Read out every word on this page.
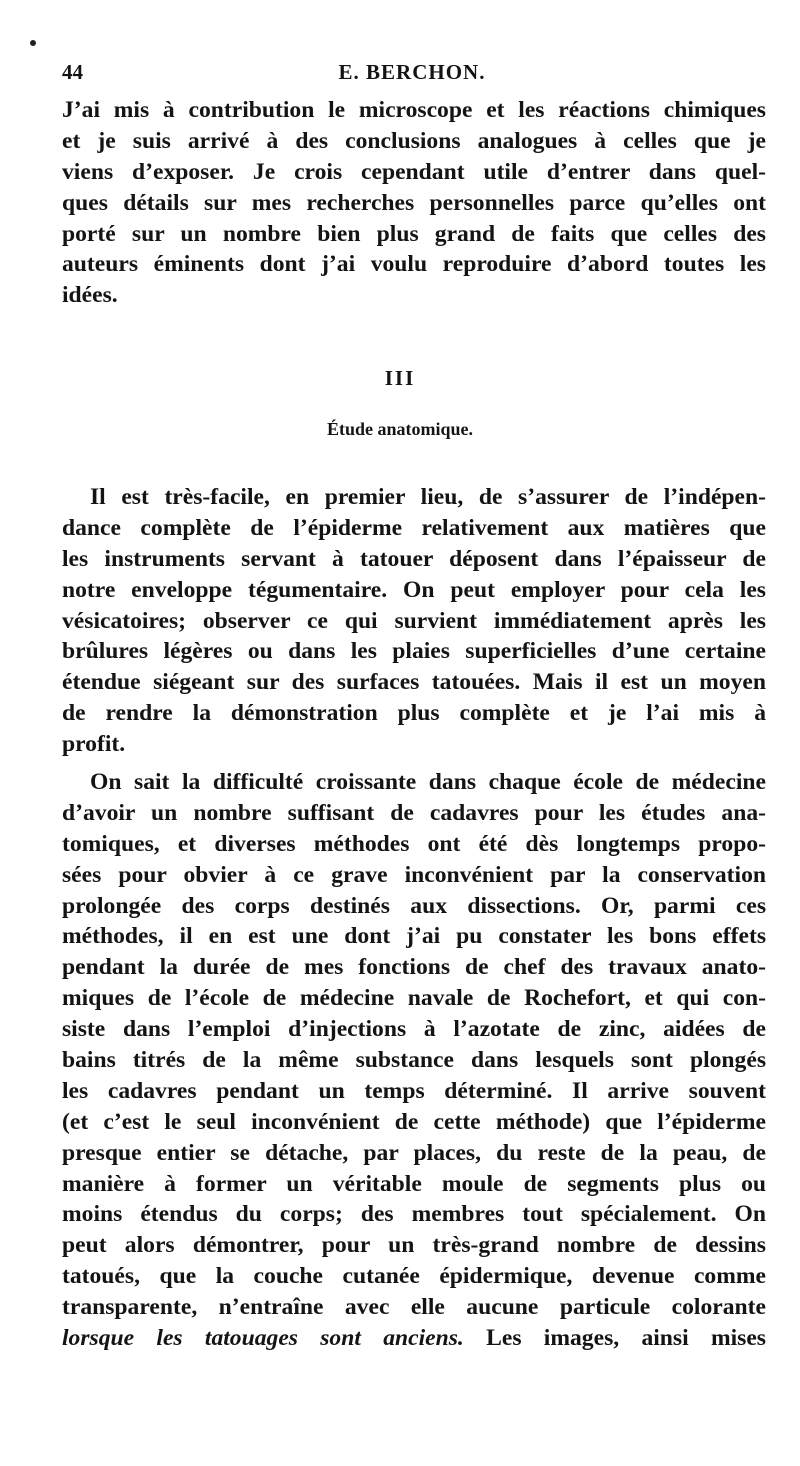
44	E. BERCHON.
J’ai mis à contribution le microscope et les réactions chimiques
et je suis arrivé à des conclusions analogues à celles que je
viens d’exposer. Je crois cependant utile d’entrer dans quel-
ques détails sur mes recherches personnelles parce qu’elles ont
porté sur un nombre bien plus grand de faits que celles des
auteurs éminents dont j’ai voulu reproduire d’abord toutes les
idées.
III
Étude anatomique.
Il est très-facile, en premier lieu, de s’assurer de l’indépen-
dance complète de l’épiderme relativement aux matières que
les instruments servant à tatouer déposent dans l’épaisseur de
notre enveloppe tégumentaire. On peut employer pour cela les
vésicatoires; observer ce qui survient immédiatement après les
brûlures légères ou dans les plaies superficielles d’une certaine
étendue siégeant sur des surfaces tatouées. Mais il est un moyen
de rendre la démonstration plus complète et je l’ai mis à
profit.
On sait la difficulté croissante dans chaque école de médecine
d’avoir un nombre suffisant de cadavres pour les études ana-
tomiques, et diverses méthodes ont été dès longtemps propo-
sées pour obvier à ce grave inconvénient par la conservation
prolongée des corps destinés aux dissections. Or, parmi ces
méthodes, il en est une dont j’ai pu constater les bons effets
pendant la durée de mes fonctions de chef des travaux anato-
miques de l’école de médecine navale de Rochefort, et qui con-
siste dans l’emploi d’injections à l’azotate de zinc, aidées de
bains titrés de la même substance dans lesquels sont plongés
les cadavres pendant un temps déterminé. Il arrive souvent
(et c’est le seul inconvénient de cette méthode) que l’épiderme
presque entier se détache, par places, du reste de la peau, de
manière à former un véritable moule de segments plus ou
moins étendus du corps; des membres tout spécialement. On
peut alors démontrer, pour un très-grand nombre de dessins
tatoués, que la couche cutanée épidermique, devenue comme
transparente, n’entraîne avec elle aucune particule colorante
lorsque les tatouages sont anciens. Les images, ainsi mises
